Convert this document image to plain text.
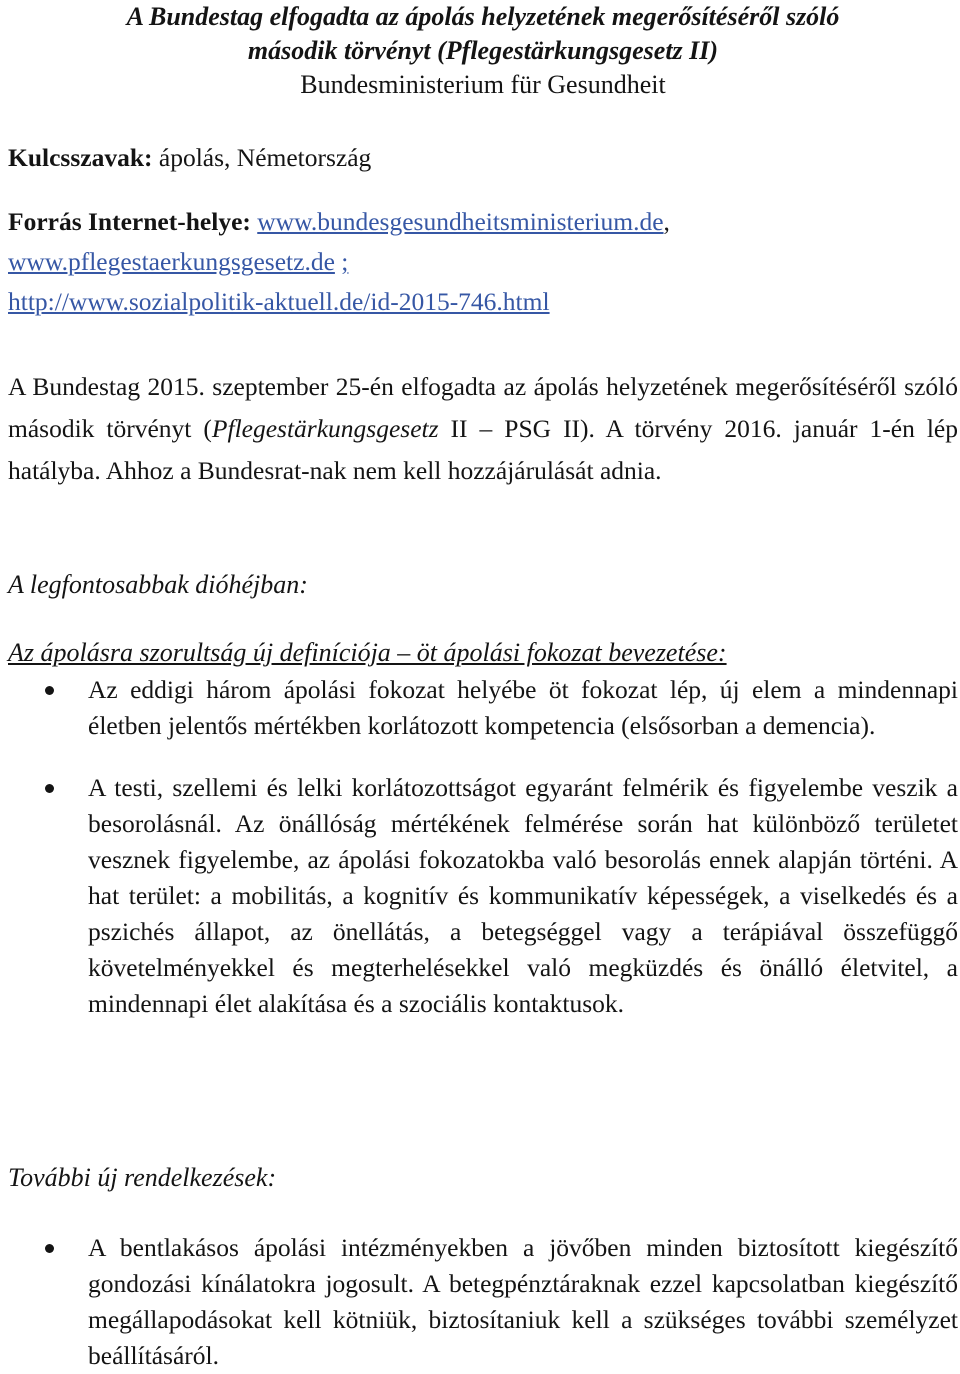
A Bundestag elfogadta az ápolás helyzetének megerősítéséről szóló
második törvényt (Pflegestärkungsgesetz II)
Bundesministerium für Gesundheit
Kulcsszavak: ápolás, Németország
Forrás Internet-helye: www.bundesgesundheitsministerium.de,
www.pflegestaerkungsgesetz.de ;
http://www.sozialpolitik-aktuell.de/id-2015-746.html

A Bundestag 2015. szeptember 25-én elfogadta az ápolás helyzetének megerősítéséről szóló második törvényt (Pflegestärkungsgesetz II – PSG II). A törvény 2016. január 1-én lép hatályba. Ahhoz a Bundesrat-nak nem kell hozzájárulását adnia.

A legfontosabbak dióhéjban:
Az ápolásra szorultság új definíciója – öt ápolási fokozat bevezetése:
Az eddigi három ápolási fokozat helyébe öt fokozat lép, új elem a mindennapi életben jelentős mértékben korlátozott kompetencia (elsősorban a demencia).
A testi, szellemi és lelki korlátozottságot egyaránt felmérik és figyelembe veszik a besorolásnál. Az önállóság mértékének felmérése során hat különböző területet vesznek figyelembe, az ápolási fokozatokba való besorolás ennek alapján történi. A hat terület: a mobilitás, a kognitív és kommunikatív képességek, a viselkedés és a pszichés állapot, az önellátás, a betegséggel vagy a terápiával összefüggő követelményekkel és megterhelésekkel való megküzdés és önálló életvitel, a mindennapi élet alakítása és a szociális kontaktusok.
További új rendelkezések:
A bentlakásos ápolási intézményekben a jövőben minden biztosított kiegészítő gondozási kínálatokra jogosult. A betegpénztáraknak ezzel kapcsolatban kiegészítő megállapodásokat kell kötniük, biztosítaniuk kell a szükséges további személyzet beállításáról.
